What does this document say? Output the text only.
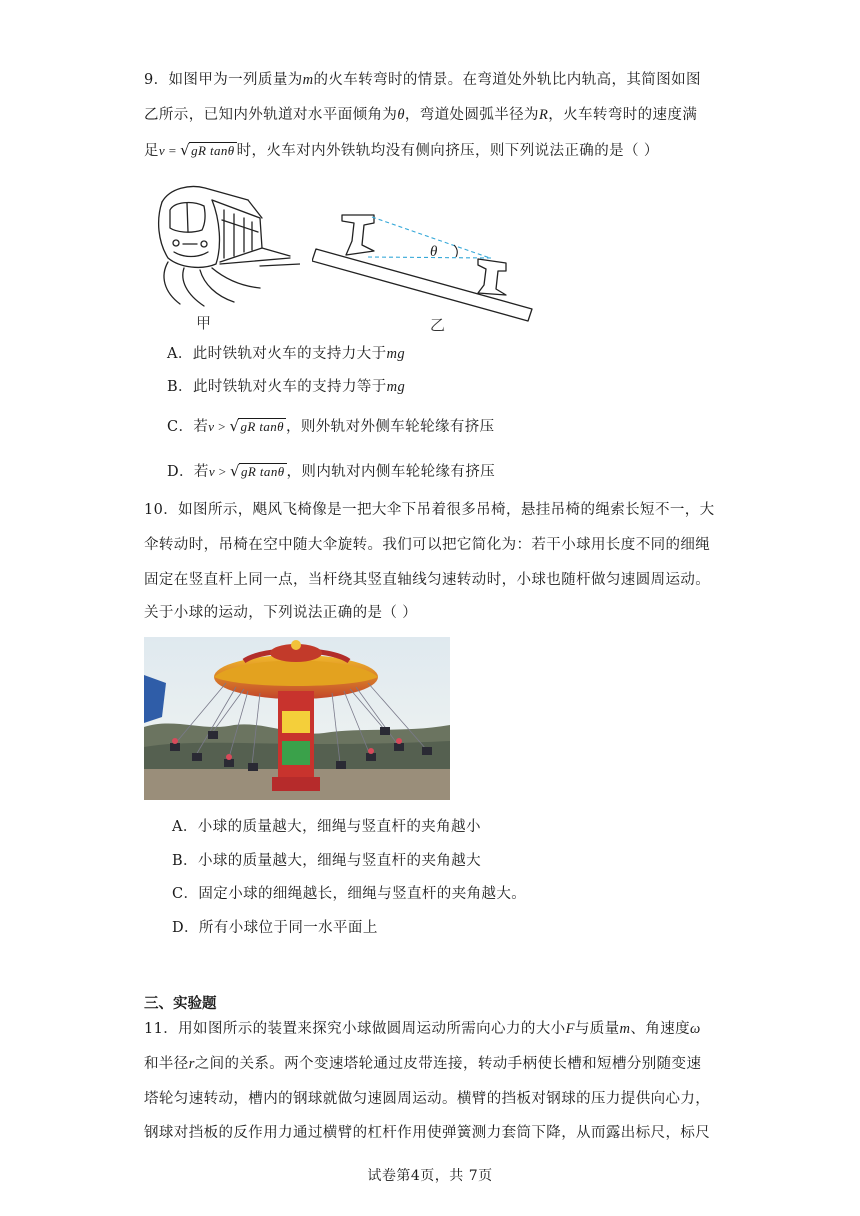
9．如图甲为一列质量为m的火车转弯时的情景。在弯道处外轨比内轨高，其简图如图
乙所示，已知内外轨道对水平面倾角为θ，弯道处圆弧半径为R，火车转弯时的速度满
足v = √gR tanθ 时，火车对内外铁轨均没有侧向挤压，则下列说法正确的是（ ）
甲
θ
乙
A．此时铁轨对火车的支持力大于mg
B．此时铁轨对火车的支持力等于mg
C．若v > √gR tanθ ，则外轨对外侧车轮轮缘有挤压
D．若v > √gR tanθ ，则内轨对内侧车轮轮缘有挤压
10．如图所示，飓风飞椅像是一把大伞下吊着很多吊椅，悬挂吊椅的绳索长短不一，大
伞转动时，吊椅在空中随大伞旋转。我们可以把它简化为：若干小球用长度不同的细绳
固定在竖直杆上同一点，当杆绕其竖直轴线匀速转动时，小球也随杆做匀速圆周运动。
关于小球的运动，下列说法正确的是（ ）
A．小球的质量越大，细绳与竖直杆的夹角越小
B．小球的质量越大，细绳与竖直杆的夹角越大
C．固定小球的细绳越长，细绳与竖直杆的夹角越大。
D．所有小球位于同一水平面上
三、实验题
11．用如图所示的装置来探究小球做圆周运动所需向心力的大小F与质量m、角速度ω
和半径r之间的关系。两个变速塔轮通过皮带连接，转动手柄使长槽和短槽分别随变速
塔轮匀速转动，槽内的钢球就做匀速圆周运动。横臂的挡板对钢球的压力提供向心力，
钢球对挡板的反作用力通过横臂的杠杆作用使弹簧测力套筒下降，从而露出标尺，标尺
试卷第4页，共 7页
